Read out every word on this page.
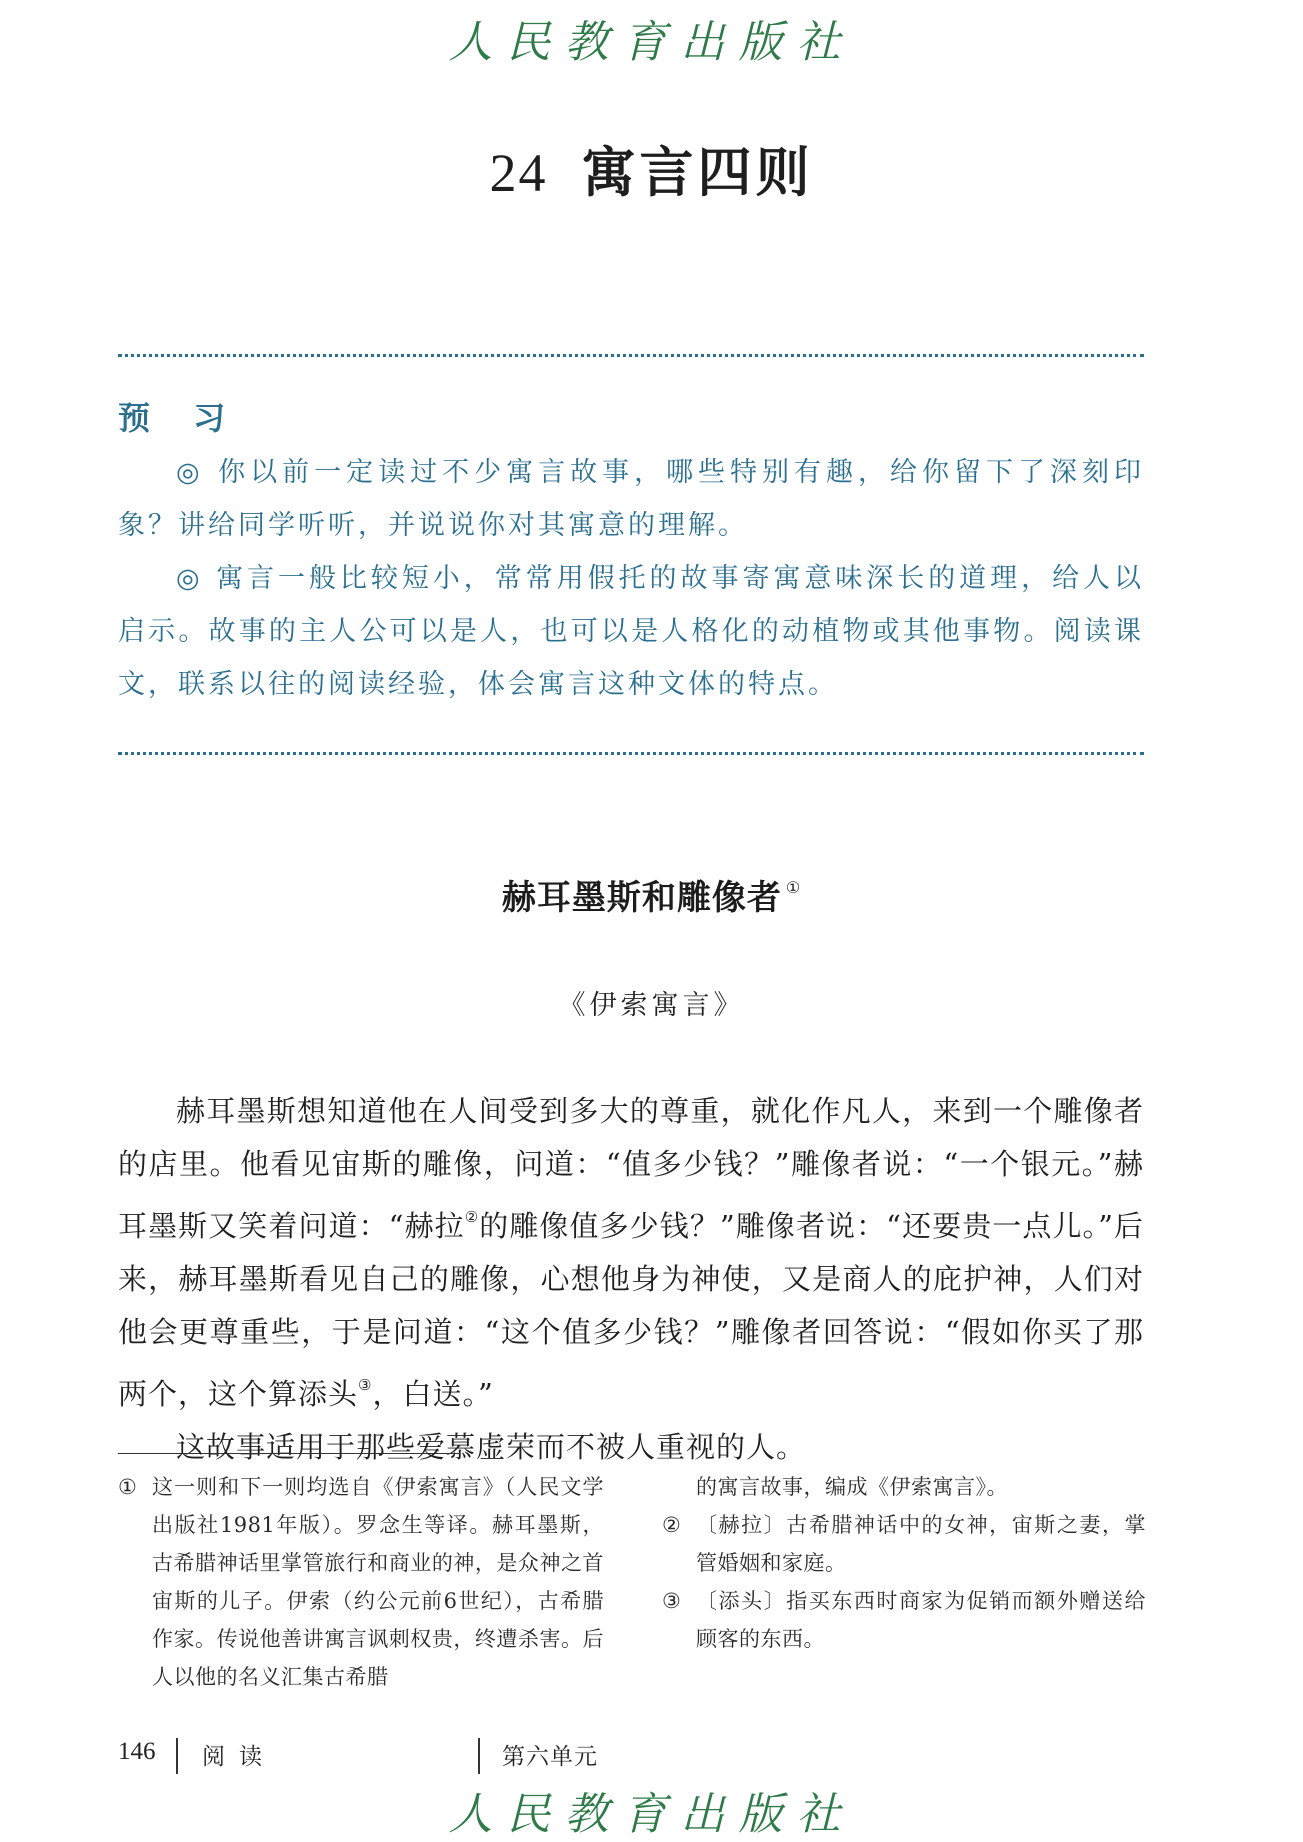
人民教育出版社
24 寓言四则
预 习

◎ 你以前一定读过不少寓言故事，哪些特别有趣，给你留下了深刻印象？讲给同学听听，并说说你对其寓意的理解。

◎ 寓言一般比较短小，常常用假托的故事寄寓意味深长的道理，给人以启示。故事的主人公可以是人，也可以是人格化的动植物或其他事物。阅读课文，联系以往的阅读经验，体会寓言这种文体的特点。

赫耳墨斯和雕像者 ①
《伊索寓言》

赫耳墨斯想知道他在人间受到多大的尊重，就化作凡人，来到一个雕像者的店里。他看见宙斯的雕像，问道：“值多少钱？”雕像者说：“一个银元。”赫耳墨斯又笑着问道：“赫拉②的雕像值多少钱？”雕像者说：“还要贵一点儿。”后来，赫耳墨斯看见自己的雕像，心想他身为神使，又是商人的庇护神，人们对他会更尊重些，于是问道：“这个值多少钱？”雕像者回答说：“假如你买了那两个，这个算添头③，白送。”

这故事适用于那些爱慕虚荣而不被人重视的人。

① 这一则和下一则均选自《伊索寓言》（人民文学出版社1981年版）。罗念生等译。赫耳墨斯，古希腊神话里掌管旅行和商业的神，是众神之首宙斯的儿子。伊索（约公元前6世纪），古希腊作家。传说他善讲寓言讽刺权贵，终遭杀害。后人以他的名义汇集古希腊
的寓言故事，编成《伊索寓言》。
② 〔赫拉〕古希腊神话中的女神，宙斯之妻，掌管婚姻和家庭。
③ 〔添头〕指买东西时商家为促销而额外赠送给顾客的东西。
146 阅读	第六单元
人民教育出版社
